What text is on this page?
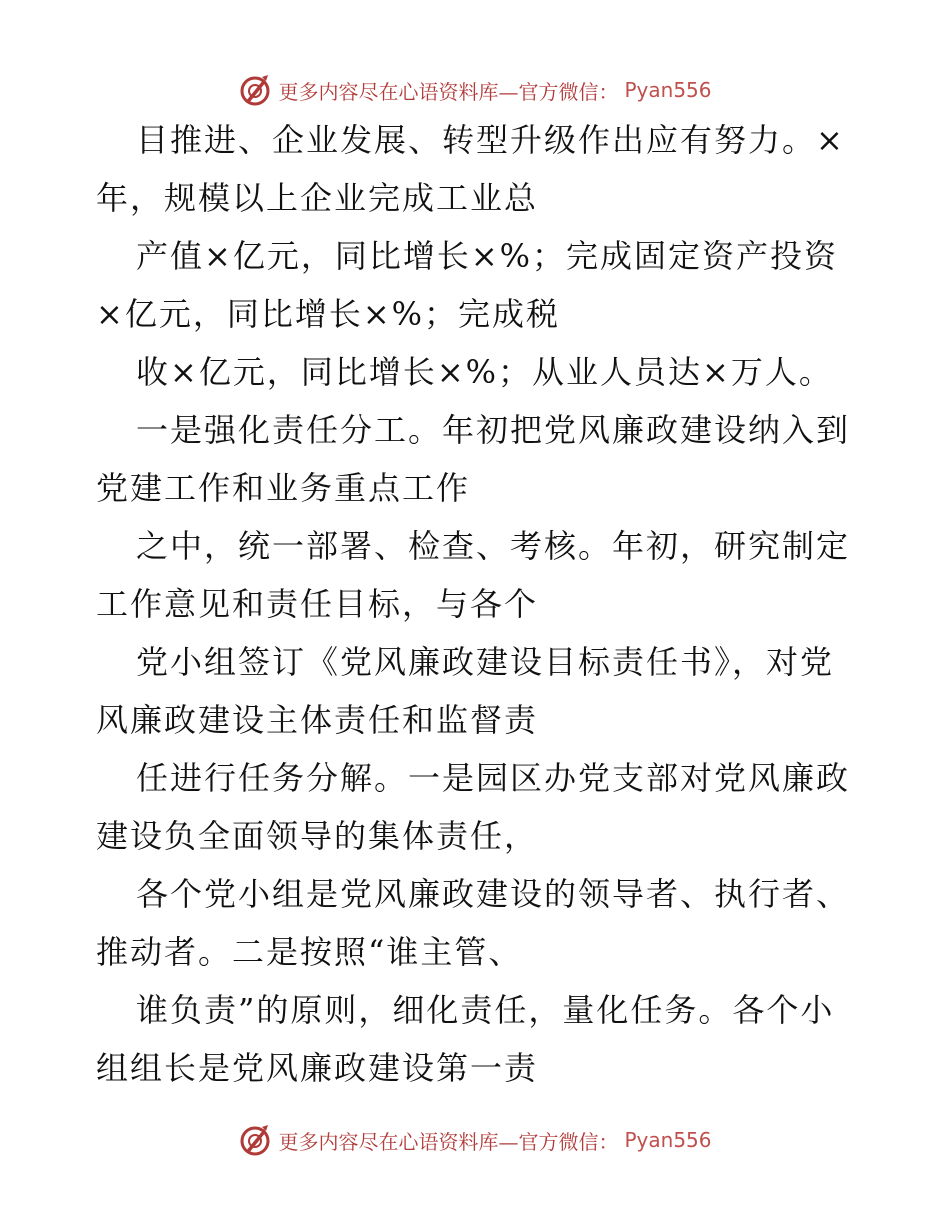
更多内容尽在心语资料库—官方微信： Pyan556
目推进、企业发展、转型升级作出应有努力。×
年，规模以上企业完成工业总
产值×亿元，同比增长×%；完成固定资产投资
×亿元，同比增长×%；完成税
收×亿元，同比增长×%；从业人员达×万人。
一是强化责任分工。年初把党风廉政建设纳入到
党建工作和业务重点工作
之中，统一部署、检查、考核。年初，研究制定
工作意见和责任目标，与各个
党小组签订《党风廉政建设目标责任书》，对党
风廉政建设主体责任和监督责
任进行任务分解。一是园区办党支部对党风廉政
建设负全面领导的集体责任，
各个党小组是党风廉政建设的领导者、执行者、
推动者。二是按照“谁主管、
谁负责”的原则，细化责任，量化任务。各个小
组组长是党风廉政建设第一责
更多内容尽在心语资料库—官方微信： Pyan556
